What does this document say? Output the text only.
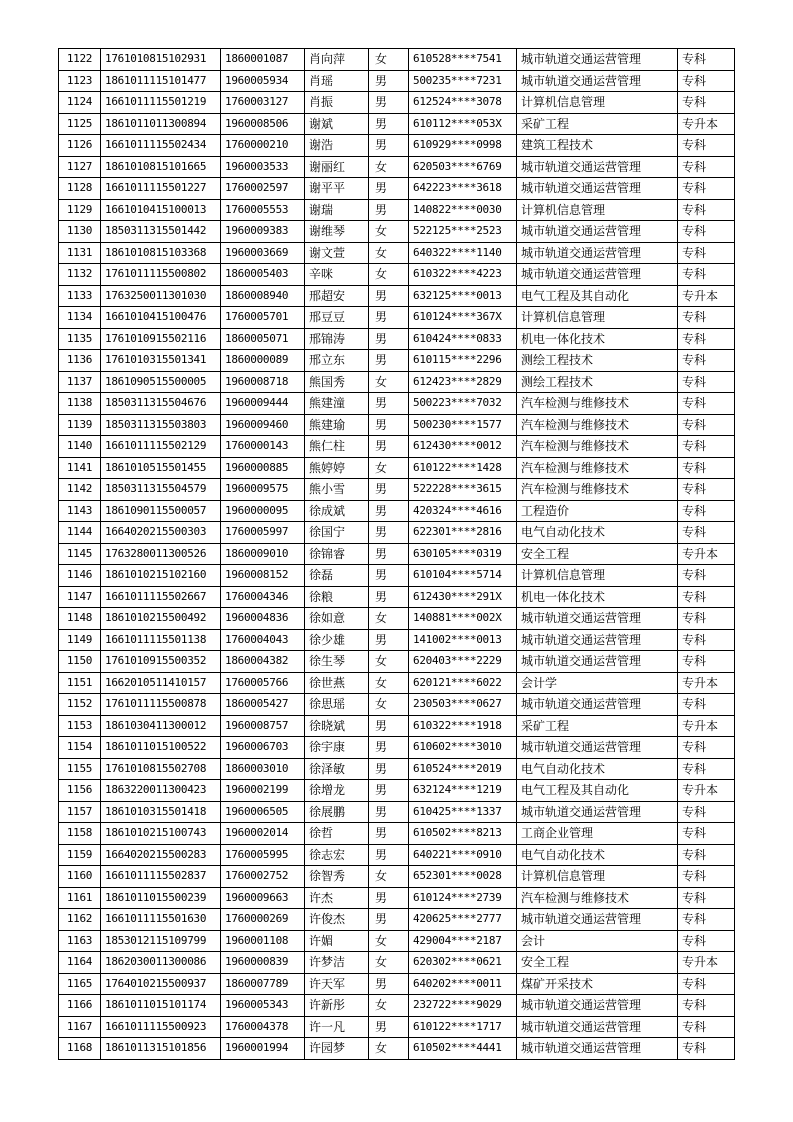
1122	1761010815102931	1860001087	肖向萍	女	610528****7541	城市轨道交通运营管理	专科
1123	1861011115101477	1960005934	肖瑶	男	500235****7231	城市轨道交通运营管理	专科
1124	1661011115501219	1760003127	肖振	男	612524****3078	计算机信息管理	专科
1125	1861011011300894	1960008506	谢斌	男	610112****053X	采矿工程	专升本
1126	1661011115502434	1760000210	谢浩	男	610929****0998	建筑工程技术	专科
1127	1861010815101665	1960003533	谢丽红	女	620503****6769	城市轨道交通运营管理	专科
1128	1661011115501227	1760002597	谢平平	男	642223****3618	城市轨道交通运营管理	专科
1129	1661010415100013	1760005553	谢瑞	男	140822****0030	计算机信息管理	专科
1130	1850311315501442	1960009383	谢维琴	女	522125****2523	城市轨道交通运营管理	专科
1131	1861010815103368	1960003669	谢文萱	女	640322****1140	城市轨道交通运营管理	专科
1132	1761011115500802	1860005403	辛咪	女	610322****4223	城市轨道交通运营管理	专科
1133	1763250011301030	1860008940	邢超安	男	632125****0013	电气工程及其自动化	专升本
1134	1661010415100476	1760005701	邢豆豆	男	610124****367X	计算机信息管理	专科
1135	1761010915502116	1860005071	邢锦涛	男	610424****0833	机电一体化技术	专科
1136	1761010315501341	1860000089	邢立东	男	610115****2296	测绘工程技术	专科
1137	1861090515500005	1960008718	熊国秀	女	612423****2829	测绘工程技术	专科
1138	1850311315504676	1960009444	熊建潼	男	500223****7032	汽车检测与维修技术	专科
1139	1850311315503803	1960009460	熊建瑜	男	500230****1577	汽车检测与维修技术	专科
1140	1661011115502129	1760000143	熊仁柱	男	612430****0012	汽车检测与维修技术	专科
1141	1861010515501455	1960000885	熊婷婷	女	610122****1428	汽车检测与维修技术	专科
1142	1850311315504579	1960009575	熊小雪	男	522228****3615	汽车检测与维修技术	专科
1143	1861090115500057	1960000095	徐成斌	男	420324****4616	工程造价	专科
1144	1664020215500303	1760005997	徐国宁	男	622301****2816	电气自动化技术	专科
1145	1763280011300526	1860009010	徐锦睿	男	630105****0319	安全工程	专升本
1146	1861010215102160	1960008152	徐磊	男	610104****5714	计算机信息管理	专科
1147	1661011115502667	1760004346	徐粮	男	612430****291X	机电一体化技术	专科
1148	1861010215500492	1960004836	徐如意	女	140881****002X	城市轨道交通运营管理	专科
1149	1661011115501138	1760004043	徐少雄	男	141002****0013	城市轨道交通运营管理	专科
1150	1761010915500352	1860004382	徐生琴	女	620403****2229	城市轨道交通运营管理	专科
1151	1662010511410157	1760005766	徐世燕	女	620121****6022	会计学	专升本
1152	1761011115500878	1860005427	徐思瑶	女	230503****0627	城市轨道交通运营管理	专科
1153	1861030411300012	1960008757	徐晓斌	男	610322****1918	采矿工程	专升本
1154	1861011015100522	1960006703	徐宇康	男	610602****3010	城市轨道交通运营管理	专科
1155	1761010815502708	1860003010	徐泽敏	男	610524****2019	电气自动化技术	专科
1156	1863220011300423	1960002199	徐增龙	男	632124****1219	电气工程及其自动化	专升本
1157	1861010315501418	1960006505	徐展鹏	男	610425****1337	城市轨道交通运营管理	专科
1158	1861010215100743	1960002014	徐哲	男	610502****8213	工商企业管理	专科
1159	1664020215500283	1760005995	徐志宏	男	640221****0910	电气自动化技术	专科
1160	1661011115502837	1760002752	徐智秀	女	652301****0028	计算机信息管理	专科
1161	1861011015500239	1960009663	许杰	男	610124****2739	汽车检测与维修技术	专科
1162	1661011115501630	1760000269	许俊杰	男	420625****2777	城市轨道交通运营管理	专科
1163	1853012115109799	1960001108	许媚	女	429004****2187	会计	专科
1164	1862030011300086	1960000839	许梦洁	女	620302****0621	安全工程	专升本
1165	1764010215500937	1860007789	许天军	男	640202****0011	煤矿开采技术	专科
1166	1861011015101174	1960005343	许新彤	女	232722****9029	城市轨道交通运营管理	专科
1167	1661011115500923	1760004378	许一凡	男	610122****1717	城市轨道交通运营管理	专科
1168	1861011315101856	1960001994	许园梦	女	610502****4441	城市轨道交通运营管理	专科
